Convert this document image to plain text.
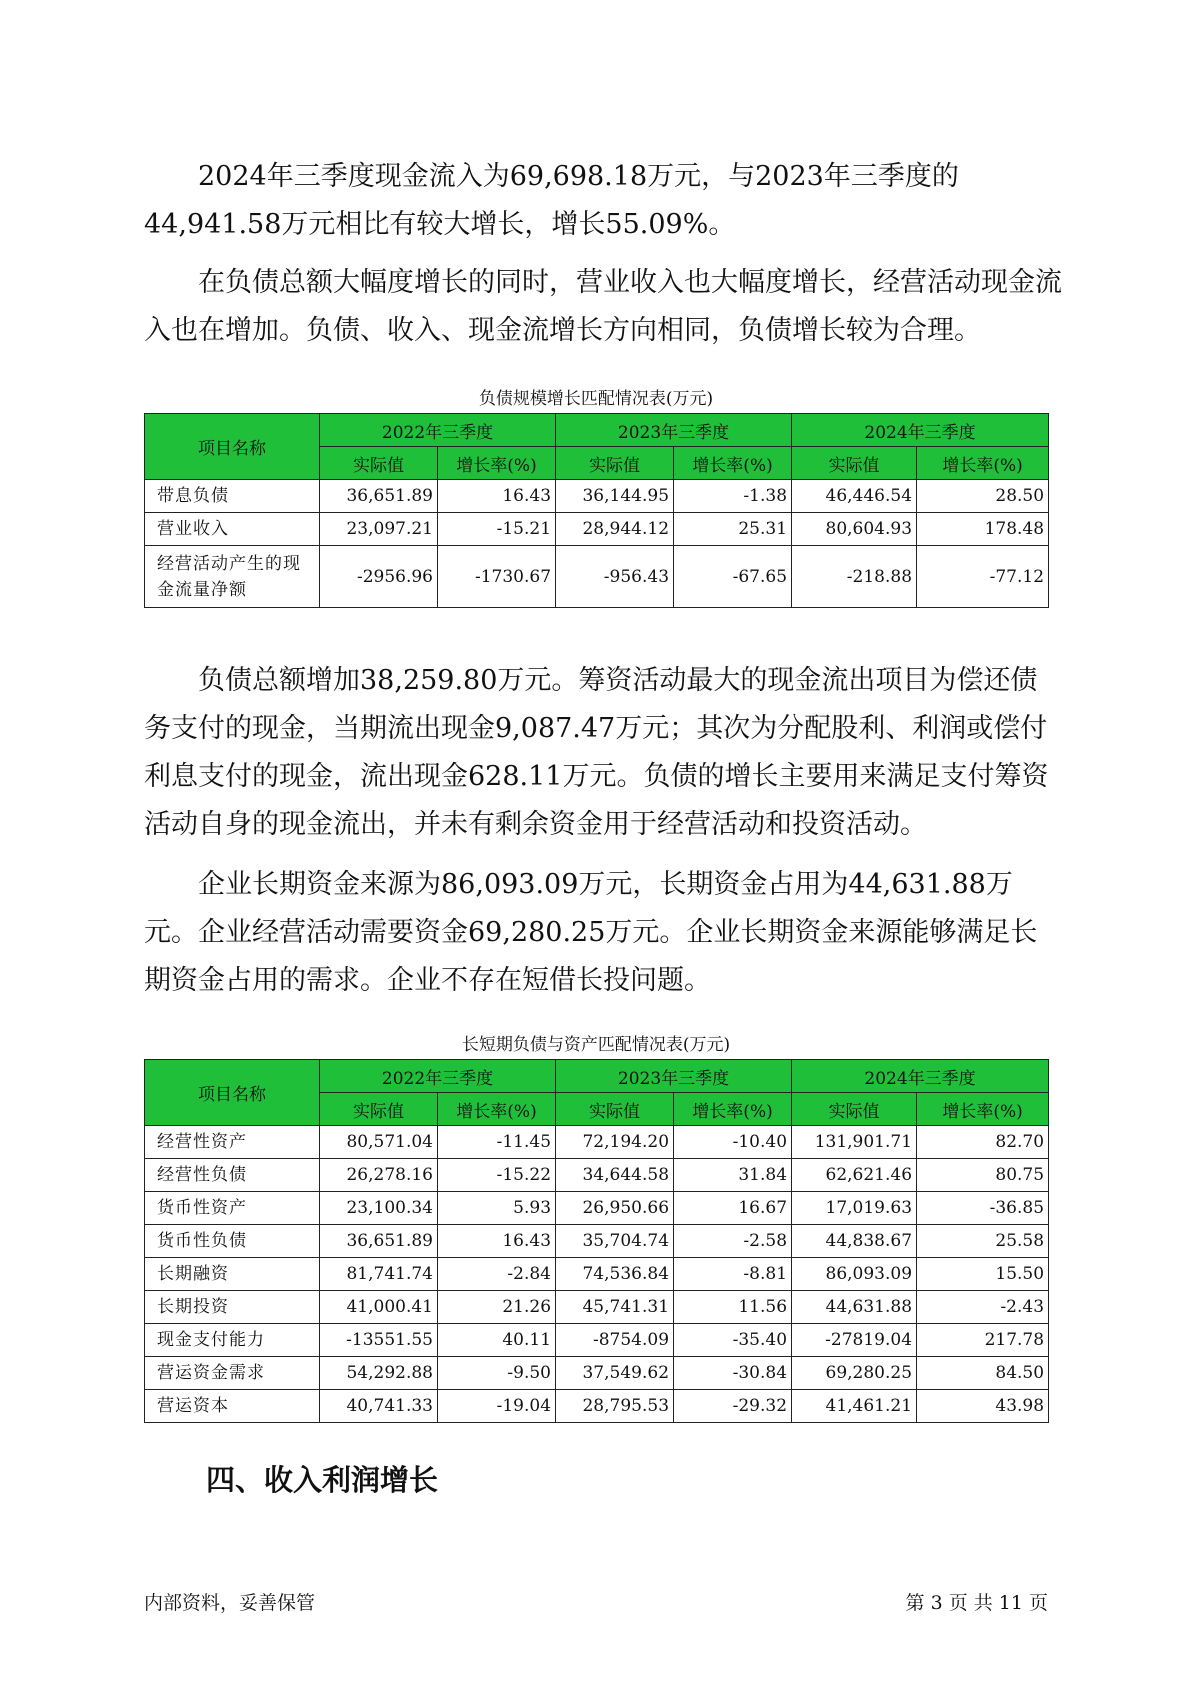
2024年三季度现金流入为69,698.18万元，与2023年三季度的44,941.58万元相比有较大增长，增长55.09%。

在负债总额大幅度增长的同时，营业收入也大幅度增长，经营活动现金流入也在增加。负债、收入、现金流增长方向相同，负债增长较为合理。

负债规模增长匹配情况表(万元)
项目名称	2022年三季度		2023年三季度		2024年三季度	
	实际值	增长率(%)	实际值	增长率(%)	实际值	增长率(%)
带息负债	36,651.89	16.43	36,144.95	-1.38	46,446.54	28.50
营业收入	23,097.21	-15.21	28,944.12	25.31	80,604.93	178.48
经营活动产生的现金流量净额	-2956.96	-1730.67	-956.43	-67.65	-218.88	-77.12

负债总额增加38,259.80万元。筹资活动最大的现金流出项目为偿还债务支付的现金，当期流出现金9,087.47万元；其次为分配股利、利润或偿付利息支付的现金，流出现金628.11万元。负债的增长主要用来满足支付筹资活动自身的现金流出，并未有剩余资金用于经营活动和投资活动。

企业长期资金来源为86,093.09万元，长期资金占用为44,631.88万元。企业经营活动需要资金69,280.25万元。企业长期资金来源能够满足长期资金占用的需求。企业不存在短借长投问题。

长短期负债与资产匹配情况表(万元)
项目名称	2022年三季度		2023年三季度		2024年三季度	
	实际值	增长率(%)	实际值	增长率(%)	实际值	增长率(%)
经营性资产	80,571.04	-11.45	72,194.20	-10.40	131,901.71	82.70
经营性负债	26,278.16	-15.22	34,644.58	31.84	62,621.46	80.75
货币性资产	23,100.34	5.93	26,950.66	16.67	17,019.63	-36.85
货币性负债	36,651.89	16.43	35,704.74	-2.58	44,838.67	25.58
长期融资	81,741.74	-2.84	74,536.84	-8.81	86,093.09	15.50
长期投资	41,000.41	21.26	45,741.31	11.56	44,631.88	-2.43
现金支付能力	-13551.55	40.11	-8754.09	-35.40	-27819.04	217.78
营运资金需求	54,292.88	-9.50	37,549.62	-30.84	69,280.25	84.50
营运资本	40,741.33	-19.04	28,795.53	-29.32	41,461.21	43.98
四、收入利润增长
内部资料，妥善保管	第 3 页 共 11 页
